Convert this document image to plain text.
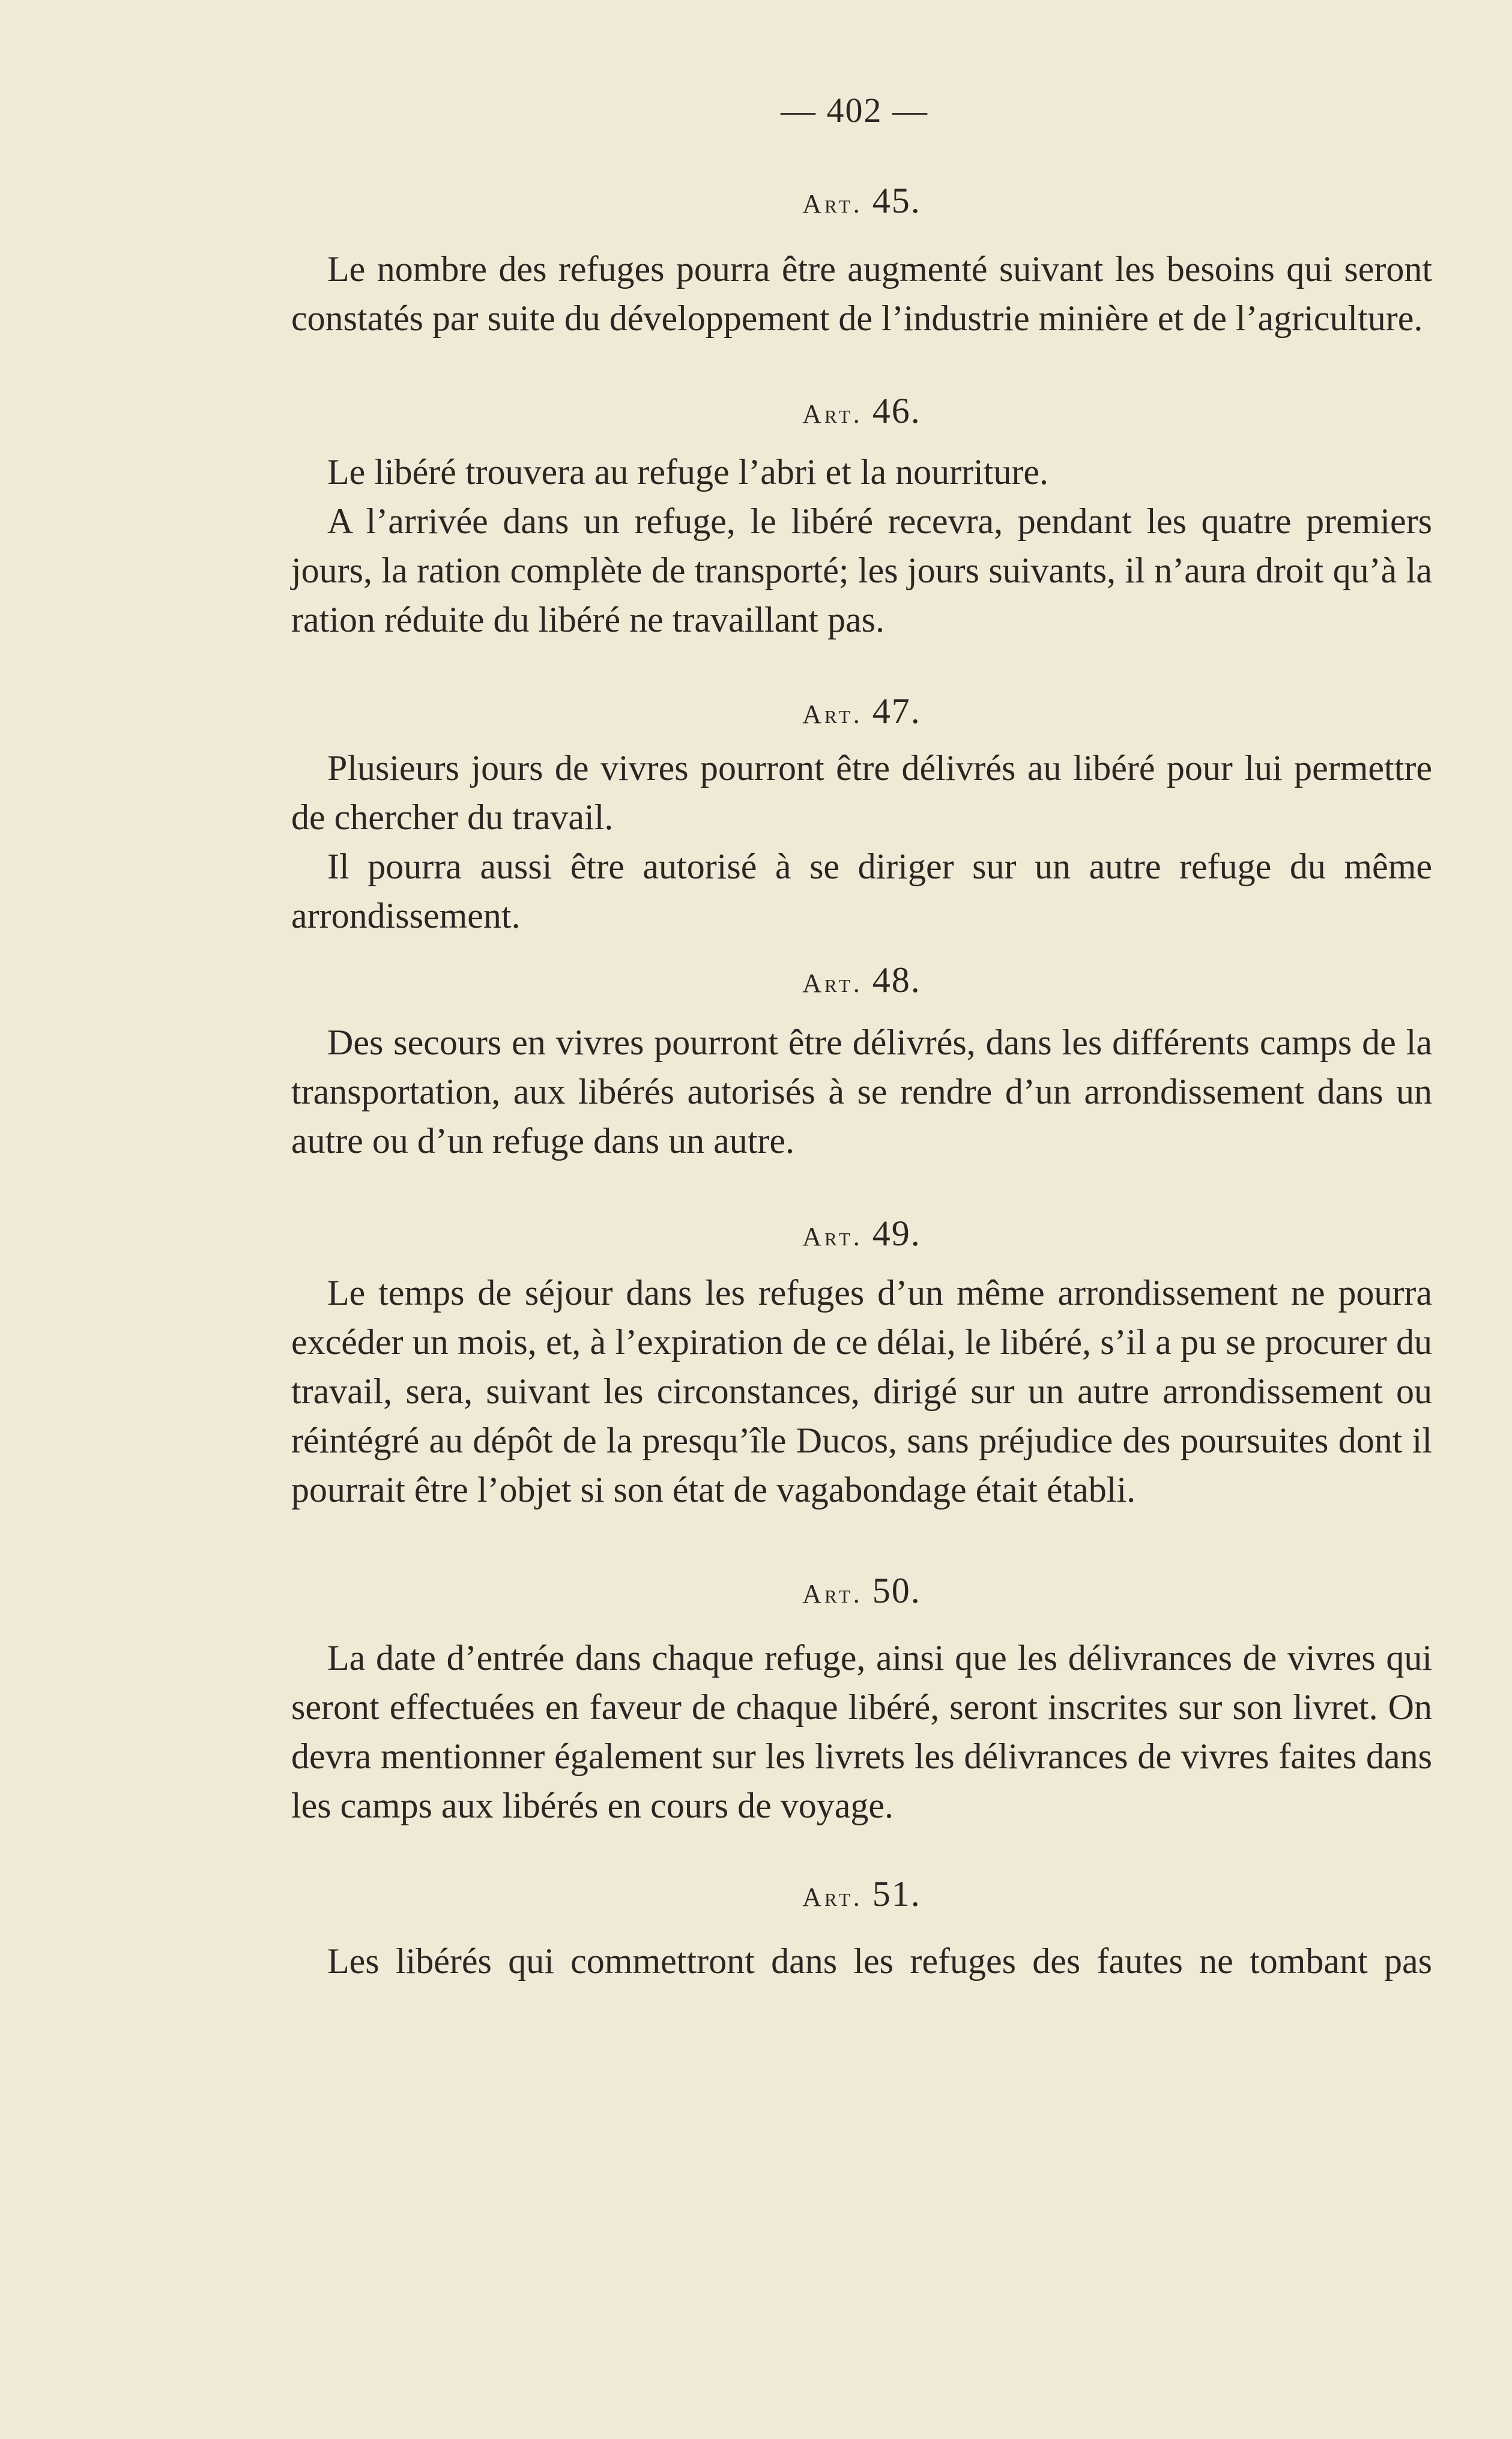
— 402 —
Art. 45.

Le nombre des refuges pourra être augmenté suivant les besoins qui seront constatés par suite du développement de l’industrie minière et de l’agriculture.

Art. 46.

Le libéré trouvera au refuge l’abri et la nourriture.

A l’arrivée dans un refuge, le libéré recevra, pendant les quatre premiers jours, la ration complète de transporté; les jours suivants, il n’aura droit qu’à la ration réduite du libéré ne travaillant pas.

Art. 47.

Plusieurs jours de vivres pourront être délivrés au libéré pour lui permettre de chercher du travail.

Il pourra aussi être autorisé à se diriger sur un autre refuge du même arrondissement.

Art. 48.

Des secours en vivres pourront être délivrés, dans les différents camps de la transportation, aux libérés autorisés à se rendre d’un arrondissement dans un autre ou d’un refuge dans un autre.

Art. 49.

Le temps de séjour dans les refuges d’un même arrondissement ne pourra excéder un mois, et, à l’expiration de ce délai, le libéré, s’il a pu se procurer du travail, sera, suivant les circonstances, dirigé sur un autre arrondissement ou réintégré au dépôt de la presqu’île Ducos, sans préjudice des poursuites dont il pourrait être l’objet si son état de vagabondage était établi.

Art. 50.

La date d’entrée dans chaque refuge, ainsi que les délivrances de vivres qui seront effectuées en faveur de chaque libéré, seront inscrites sur son livret. On devra mentionner également sur les livrets les délivrances de vivres faites dans les camps aux libérés en cours de voyage.

Art. 51.

Les libérés qui commettront dans les refuges des fautes ne tombant pas
